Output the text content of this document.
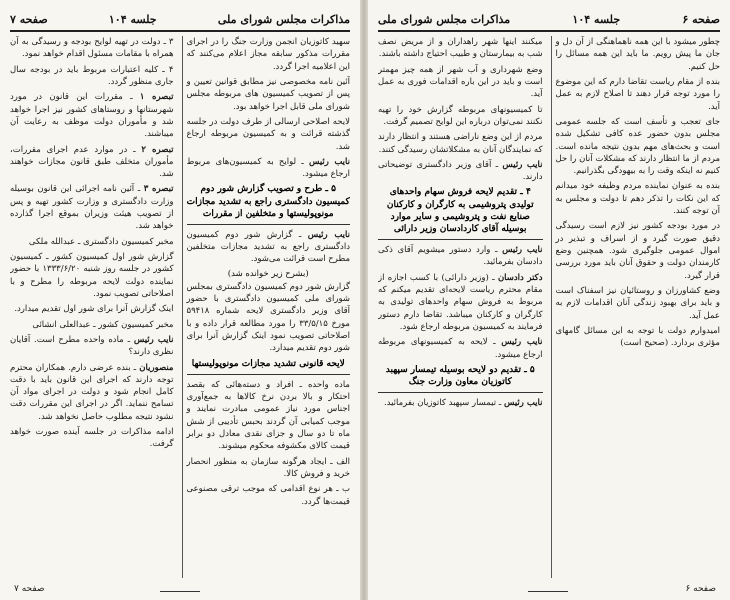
مذاکرات مجلس شورای ملی
جلسه ۱۰۴
صفحه ۷

سهید کاتوزیان انجمن وزارت جنگ را در اجرای مقررات مذکور سابقه مجاز اعلام می‌کنند که این اعلامیه اجرا گردد.

آئین نامه مخصوصی نیز مطابق قوانین تعیین و پس از تصویب کمیسیون های مربوطه مجلس شورای ملی قابل اجرا خواهد بود.

لایحه اصلاحی ارسالی از طرف دولت در جلسه گذشته قرائت و به کمیسیون مربوطه ارجاع شد.

نایب رئیس ـ لوایح به کمیسیون‌های مربوط ارجاع میشود.

۵ ـ طرح و تصویب گزارش شور دوم کمیسیون دادگستری راجع به تشدید مجازات مونوپولیستها و متخلفین از مقررات

نایب رئیس ـ گزارش شور دوم کمیسیون دادگستری راجع به تشدید مجازات متخلفین مطرح است قرائت می‌شود.

(بشرح زیر خوانده شد)

گزارش شور دوم کمیسیون دادگستری بمجلس شورای ملی کمیسیون دادگستری با حضور آقای وزیر دادگستری لایحه شماره ۵۹۴۱۸ مورخ ۳۳/۵/۱۵ را مورد مطالعه قرار داده و با اصلاحاتی تصویب نمود اینک گزارش آنرا برای شور دوم تقدیم میدارد.

لایحه قانونی تشدید مجازات مونوپولیستها

ماده واحده ـ افراد و دسته‌هائی که بقصد احتکار و بالا بردن نرخ کالاها به جمع‌آوری اجناس مورد نیاز عمومی مبادرت نمایند و موجب کمیابی آن گردند بحبس تأدیبی از شش ماه تا دو سال و جزای نقدی معادل دو برابر قیمت کالای مکشوفه محکوم میشوند.

الف ـ ایجاد هرگونه سازمان به منظور انحصار خرید و فروش کالا.

ب ـ هر نوع اقدامی که موجب ترقی مصنوعی قیمت‌ها گردد.

۳ ـ دولت در تهیه لوایح بودجه و رسیدگی به آن همراه با مقامات مسئول اقدام خواهد نمود.

۴ ـ کلیه اعتبارات مربوط باید در بودجه سال جاری منظور گردد.

تبصره ۱ ـ مقررات این قانون در مورد شهرستانها و روستاهای کشور نیز اجرا خواهد شد و مأموران دولت موظف به رعایت آن میباشند.

تبصره ۲ ـ در موارد عدم اجرای مقررات، مأموران متخلف طبق قانون مجازات خواهند شد.

تبصره ۳ ـ آئین نامه اجرائی این قانون بوسیله وزارت دادگستری و وزارت کشور تهیه و پس از تصویب هیئت وزیران بموقع اجرا گذارده خواهد شد.

مخبر کمیسیون دادگستری ـ عبدالله ملکی

گزارش شور اول کمیسیون کشور ـ کمیسیون کشور در جلسه روز شنبه ۱۳۳۳/۶/۲۰ با حضور نماینده دولت لایحه مربوطه را مطرح و با اصلاحاتی تصویب نمود.

اینک گزارش آنرا برای شور اول تقدیم میدارد.

مخبر کمیسیون کشور ـ عبدالعلی انشائی

نایب رئیس ـ ماده واحده مطرح است. آقایان نظری دارند؟

منصوریان ـ بنده عرضی دارم. همکاران محترم توجه دارند که اجرای این قانون باید با دقت کامل انجام شود و دولت در اجرای مواد آن تسامح ننماید. اگر در اجرای این مقررات دقت نشود نتیجه مطلوب حاصل نخواهد شد.

ادامه مذاکرات در جلسه آینده صورت خواهد گرفت.

صفحه ۷
صفحه ۶
جلسه ۱۰۴
مذاکرات مجلس شورای ملی

چطور میشود با این همه ناهماهنگی از آن دل و جان ما پیش رویم. ما باید این همه مسائل را حل کنیم.

بنده از مقام ریاست تقاضا دارم که این موضوع را مورد توجه قرار دهند تا اصلاح لازم به عمل آید.

جای تعجب و تأسف است که جلسه عمومی مجلس بدون حضور عده کافی تشکیل شده است و بحث‌های مهم بدون نتیجه مانده است. مردم از ما انتظار دارند که مشکلات آنان را حل کنیم نه اینکه وقت را به بیهودگی بگذرانیم.

بنده به عنوان نماینده مردم وظیفه خود میدانم که این نکات را تذکر دهم تا دولت و مجلس به آن توجه کنند.

در مورد بودجه کشور نیز لازم است رسیدگی دقیق صورت گیرد و از اسراف و تبذیر در اموال عمومی جلوگیری شود. همچنین وضع کارمندان دولت و حقوق آنان باید مورد بررسی قرار گیرد.

وضع کشاورزان و روستائیان نیز اسفناک است و باید برای بهبود زندگی آنان اقدامات لازم به عمل آید.

امیدوارم دولت با توجه به این مسائل گامهای مؤثری بردارد. (صحیح است)

میکنند اینها شهر راهداران و از مریض نصف شب به بیمارستان و طبیب احتیاج داشته باشند.

وضع شهرداری و آب شهر از همه چیز مهمتر است و باید در این باره اقدامات فوری به عمل آید.

تا کمیسیونهای مربوطه گزارش خود را تهیه نکنند نمی‌توان درباره این لوایح تصمیم گرفت.

مردم از این وضع ناراضی هستند و انتظار دارند که نمایندگان آنان به مشکلاتشان رسیدگی کنند.

نایب رئیس ـ آقای وزیر دادگستری توضیحاتی دارند.

۴ ـ تقدیم لایحه فروش سهام واحدهای تولیدی پتروشیمی به کارگران و کارکنان صنایع نفت و پتروشیمی و سایر موارد بوسیله آقای کاردادسان وزیر دارائی

نایب رئیس ـ وارد دستور میشویم آقای ذکی دادسان بفرمائید.

دکتر دادسان ـ (وزیر دارائی) با کسب اجازه از مقام محترم ریاست لایحه‌ای تقدیم میکنم که مربوط به فروش سهام واحدهای تولیدی به کارگران و کارکنان میباشد. تقاضا دارم دستور فرمایند به کمیسیون مربوطه ارجاع شود.

نایب رئیس ـ لایحه به کمیسیونهای مربوطه ارجاع میشود.

۵ ـ تقدیم دو لایحه بوسیله تیمسار سپهبد کاتوزیان معاون وزارت جنگ

نایب رئیس ـ تیمسار سپهبد کاتوزیان بفرمائید.

صفحه ۶
